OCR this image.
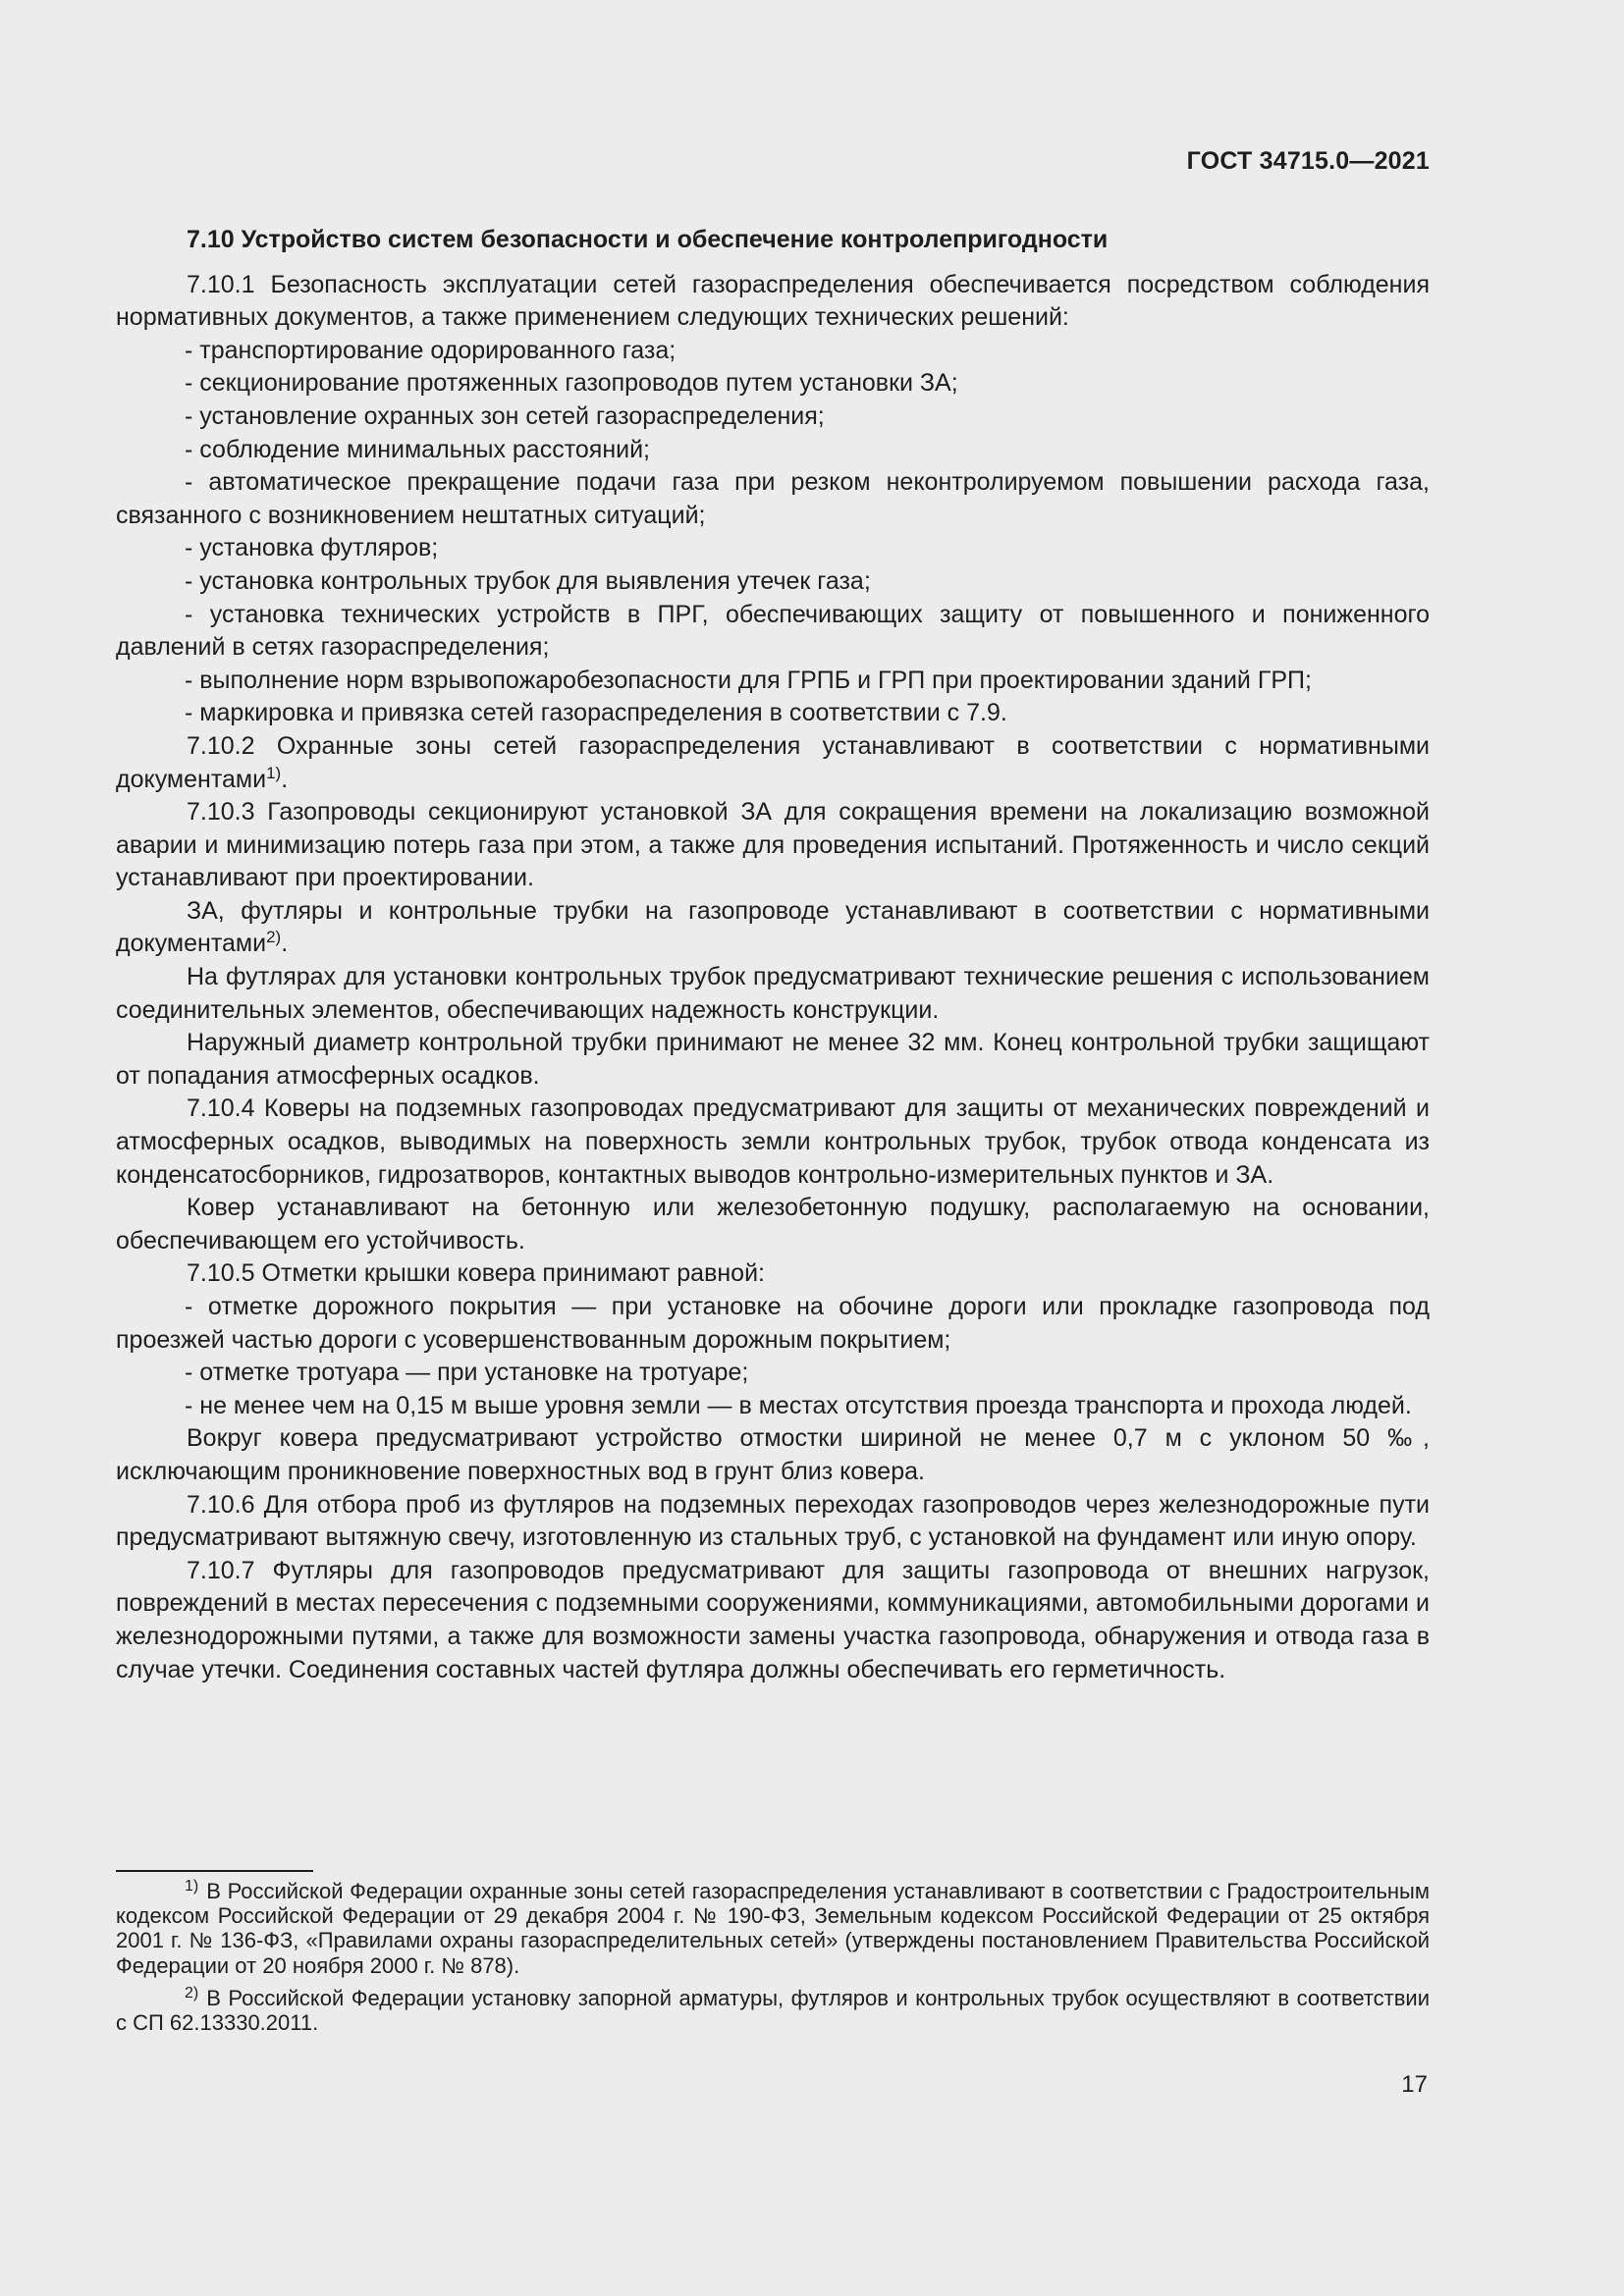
ГОСТ 34715.0—2021
7.10 Устройство систем безопасности и обеспечение контролепригодности

7.10.1 Безопасность эксплуатации сетей газораспределения обеспечивается посредством соблюдения нормативных документов, а также применением следующих технических решений:

- транспортирование одорированного газа;

- секционирование протяженных газопроводов путем установки ЗА;

- установление охранных зон сетей газораспределения;

- соблюдение минимальных расстояний;

- автоматическое прекращение подачи газа при резком неконтролируемом повышении расхода газа, связанного с возникновением нештатных ситуаций;

- установка футляров;

- установка контрольных трубок для выявления утечек газа;

- установка технических устройств в ПРГ, обеспечивающих защиту от повышенного и пониженного давлений в сетях газораспределения;

- выполнение норм взрывопожаробезопасности для ГРПБ и ГРП при проектировании зданий ГРП;

- маркировка и привязка сетей газораспределения в соответствии с 7.9.

7.10.2 Охранные зоны сетей газораспределения устанавливают в соответствии с нормативными документами$^{1)}$.

7.10.3 Газопроводы секционируют установкой ЗА для сокращения времени на локализацию возможной аварии и минимизацию потерь газа при этом, а также для проведения испытаний. Протяженность и число секций устанавливают при проектировании.

ЗА, футляры и контрольные трубки на газопроводе устанавливают в соответствии с нормативными документами$^{2)}$.

На футлярах для установки контрольных трубок предусматривают технические решения с использованием соединительных элементов, обеспечивающих надежность конструкции.

Наружный диаметр контрольной трубки принимают не менее 32 мм. Конец контрольной трубки защищают от попадания атмосферных осадков.

7.10.4 Коверы на подземных газопроводах предусматривают для защиты от механических повреждений и атмосферных осадков, выводимых на поверхность земли контрольных трубок, трубок отвода конденсата из конденсатосборников, гидрозатворов, контактных выводов контрольно-измерительных пунктов и ЗА.

Ковер устанавливают на бетонную или железобетонную подушку, располагаемую на основании, обеспечивающем его устойчивость.

7.10.5 Отметки крышки ковера принимают равной:

- отметке дорожного покрытия — при установке на обочине дороги или прокладке газопровода под проезжей частью дороги с усовершенствованным дорожным покрытием;

- отметке тротуара — при установке на тротуаре;

- не менее чем на 0,15 м выше уровня земли — в местах отсутствия проезда транспорта и прохода людей.

Вокруг ковера предусматривают устройство отмостки шириной не менее 0,7 м с уклоном 50 ‰, исключающим проникновение поверхностных вод в грунт близ ковера.

7.10.6 Для отбора проб из футляров на подземных переходах газопроводов через железнодорожные пути предусматривают вытяжную свечу, изготовленную из стальных труб, с установкой на фундамент или иную опору.

7.10.7 Футляры для газопроводов предусматривают для защиты газопровода от внешних нагрузок, повреждений в местах пересечения с подземными сооружениями, коммуникациями, автомобильными дорогами и железнодорожными путями, а также для возможности замены участка газопровода, обнаружения и отвода газа в случае утечки. Соединения составных частей футляра должны обеспечивать его герметичность.

$^{1)}$ В Российской Федерации охранные зоны сетей газораспределения устанавливают в соответствии с Градостроительным кодексом Российской Федерации от 29 декабря 2004 г. № 190-ФЗ, Земельным кодексом Российской Федерации от 25 октября 2001 г. № 136-ФЗ, «Правилами охраны газораспределительных сетей» (утверждены постановлением Правительства Российской Федерации от 20 ноября 2000 г. № 878).

$^{2)}$ В Российской Федерации установку запорной арматуры, футляров и контрольных трубок осуществляют в соответствии с СП 62.13330.2011.

17
